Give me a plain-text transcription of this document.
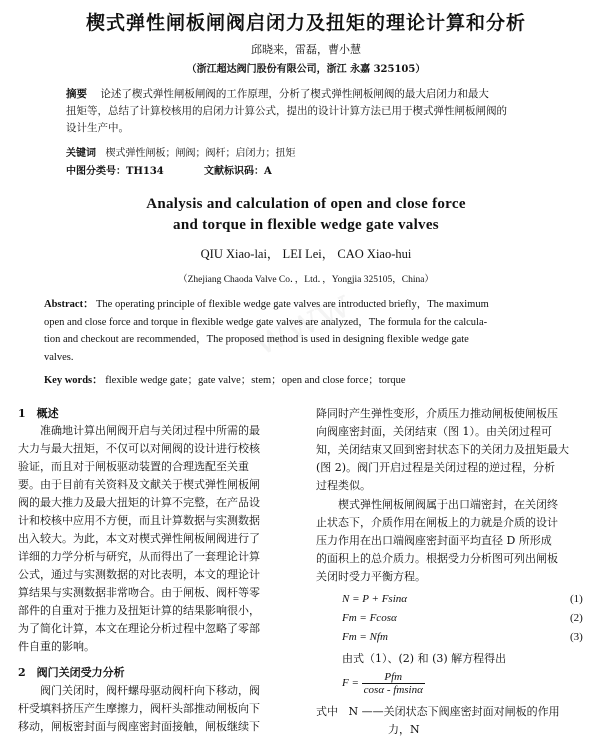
楔式弹性闸板闸阀启闭力及扭矩的理论计算和分析
邱晓来，雷磊，曹小慧
（浙江超达阀门股份有限公司，浙江 永嘉 325105）
摘要 论述了楔式弹性闸板闸阀的工作原理，分析了楔式弹性闸板闸阀的最大启闭力和最大
扭矩等，总结了计算校核用的启闭力计算公式，提出的设计计算方法已用于楔式弹性闸板闸阀的
设计生产中。
关键词 楔式弹性闸板；闸阀；阀杆；启闭力；扭矩
中图分类号：TH134	文献标识码：A
Analysis and calculation of open and close force
and torque in flexible wedge gate valves
QIU Xiao-lai， LEI Lei， CAO Xiao-hui
（Zhejiang Chaoda Valve Co．，Ltd．，Yongjia 325105，China）
Abstract： The operating principle of flexible wedge gate valves are introducted briefly，The maximum
open and close force and torque in flexible wedge gate valves are analyzed，The formula for the calcula-
tion and checkout are recommended，The proposed method is used in designing flexible wedge gate
valves.
Key words： flexible wedge gate；gate valve；stem；open and close force；torque
1　概述
准确地计算出闸阀开启与关闭过程中所需的最
大力与最大扭矩，不仅可以对闸阀的设计进行校核
验证，而且对于闸板驱动装置的合理选配至关重
要。由于目前有关资料及文献关于楔式弹性闸板闸
阀的最大推力及最大扭矩的计算不完整，在产品设
计和校核中应用不方便，而且计算数据与实测数据
出入较大。为此，本文对楔式弹性闸板闸阀进行了
详细的力学分析与研究，从而得出了一套理论计算
公式，通过与实测数据的对比表明，本文的理论计
算结果与实测数据非常吻合。由于闸板、阀杆等零
部件的自重对于推力及扭矩计算的结果影响很小，
为了简化计算，本文在理论分析过程中忽略了零部
件自重的影响。
2　阀门关闭受力分析
阀门关闭时，阀杆螺母驱动阀杆向下移动，阀
杆受填料挤压产生摩擦力，阀杆头部推动闸板向下
移动，闸板密封面与阀座密封面接触，闸板继续下
降同时产生弹性变形，介质压力推动闸板使闸板压
向阀座密封面，关闭结束（图 1）。由关闭过程可
知，关闭结束又回到密封状态下的关闭力及扭矩最大
(图 2)。阀门开启过程是关闭过程的逆过程，分析
过程类似。
楔式弹性闸板闸阀属于出口端密封，在关闭终
止状态下，介质作用在闸板上的力就是介质的设计
压力作用在出口端阀座密封面平均直径 D 所形成
的面积上的总介质力。根据受力分析图可列出闸板
关闭时受力平衡方程。
N = P + Fsinα	(1)
Fm = Fcosα	(2)
Fm = Nfm	(3)
由式（1）、(2) 和 (3) 解方程得出
$F = \frac{\text{Pfm}}{\cos\alpha - fmsin\alpha}$
式中 N ——关闭状态下阀座密封面对闸板的作用
力，N
